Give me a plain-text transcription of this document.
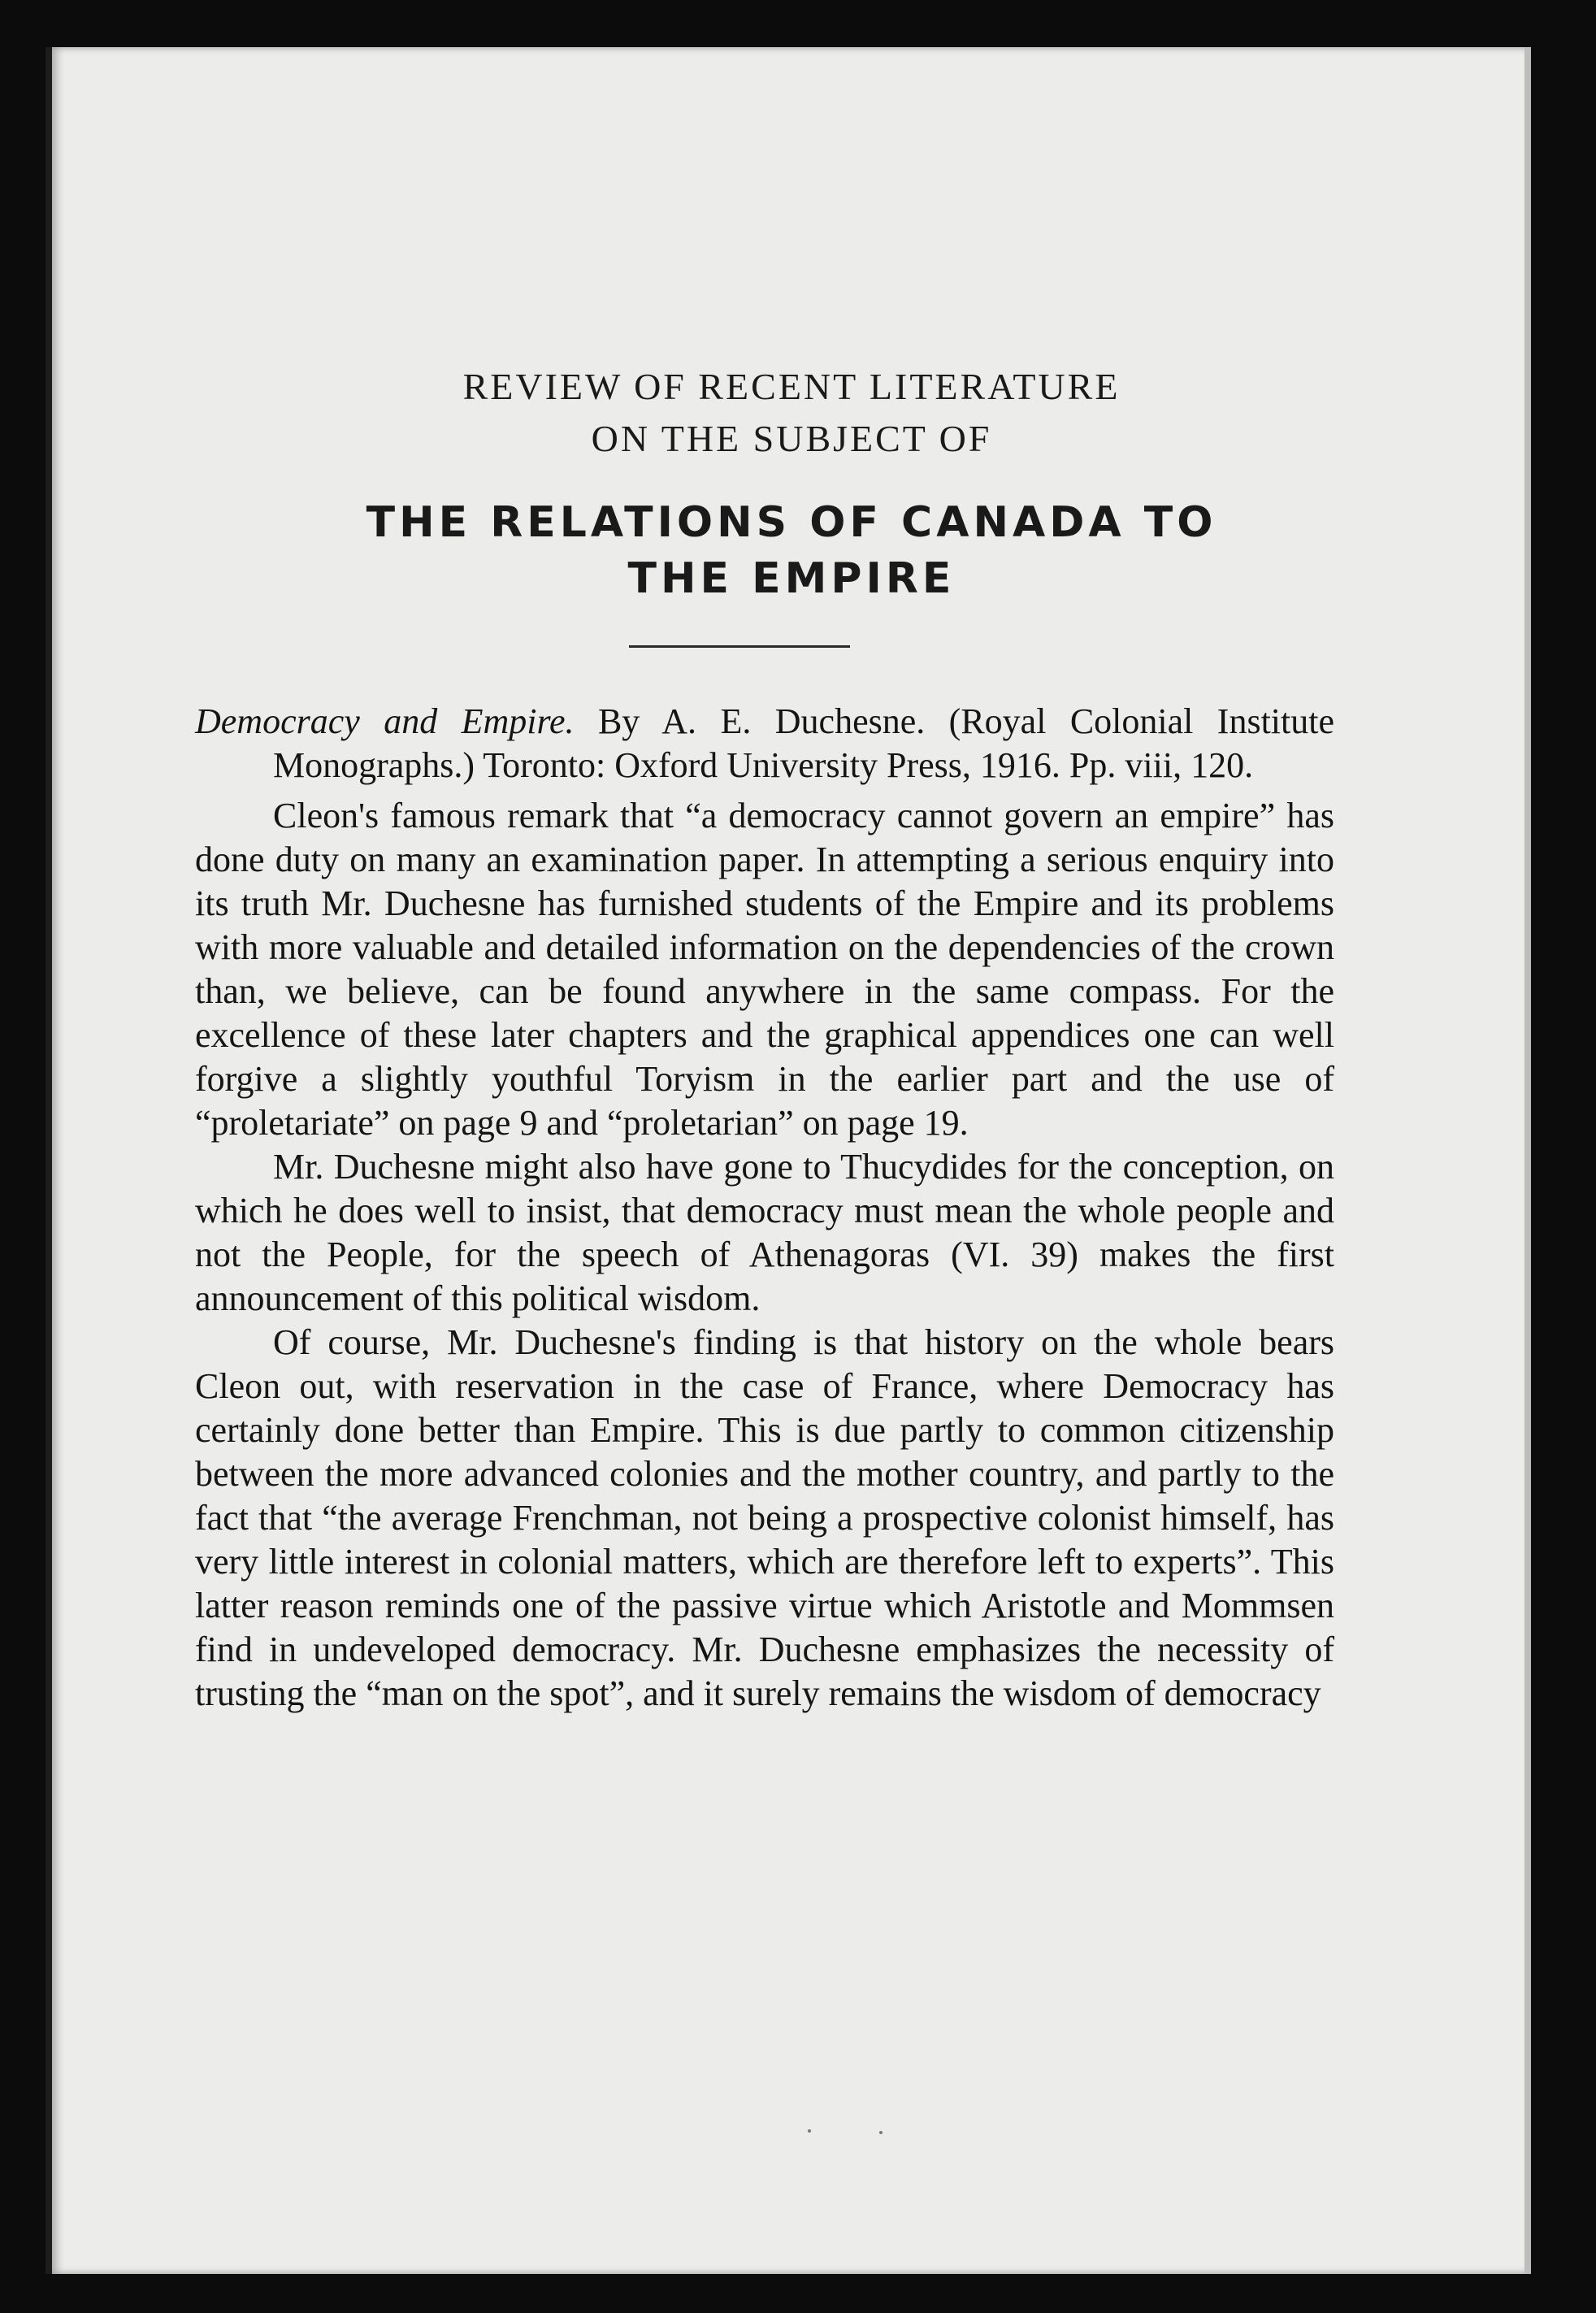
REVIEW OF RECENT LITERATURE
ON THE SUBJECT OF
THE RELATIONS OF CANADA TO
THE EMPIRE

Democracy and Empire. By A. E. Duchesne. (Royal Colonial Institute Monographs.) Toronto: Oxford University Press, 1916. Pp. viii, 120.

Cleon's famous remark that “a democracy cannot govern an empire” has done duty on many an examination paper. In attempting a serious enquiry into its truth Mr. Duchesne has furnished students of the Empire and its problems with more valuable and detailed information on the dependencies of the crown than, we believe, can be found anywhere in the same compass. For the excellence of these later chapters and the graphical appendices one can well forgive a slightly youthful Toryism in the earlier part and the use of “proletariate” on page 9 and “proletarian” on page 19.

Mr. Duchesne might also have gone to Thucydides for the conception, on which he does well to insist, that democracy must mean the whole people and not the People, for the speech of Athenagoras (VI. 39) makes the first announcement of this political wisdom.

Of course, Mr. Duchesne's finding is that history on the whole bears Cleon out, with reservation in the case of France, where Democracy has certainly done better than Empire. This is due partly to common citizenship between the more advanced colonies and the mother country, and partly to the fact that “the average Frenchman, not being a prospective colonist himself, has very little interest in colonial matters, which are therefore left to experts”. This latter reason reminds one of the passive virtue which Aristotle and Mommsen find in undeveloped democracy. Mr. Duchesne emphasizes the necessity of trusting the “man on the spot”, and it surely remains the wisdom of democracy
